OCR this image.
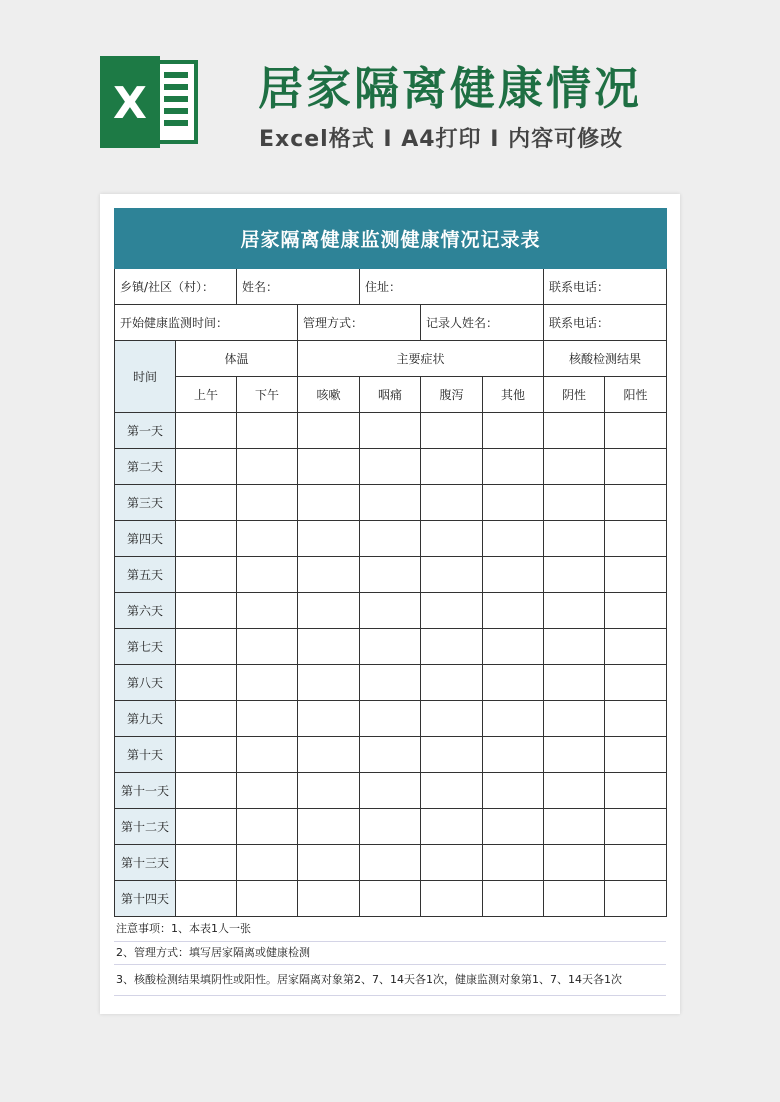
X 居家隔离健康情况
Excel格式 I A4打印 I 内容可修改
居家隔离健康监测健康情况记录表								
乡镇/社区（村）：		姓名：		住址：			联系电话：	
开始健康监测时间：			管理方式：		记录人姓名：		联系电话：	
时间	体温		主要症状				核酸检测结果	
	上午	下午	咳嗽	咽痛	腹泻	其他	阴性	阳性
第一天								
第二天								
第三天								
第四天								
第五天								
第六天								
第七天								
第八天								
第九天								
第十天								
第十一天								
第十二天								
第十三天								
第十四天								
注意事项：1、本表1人一张
2、管理方式：填写居家隔离或健康检测
3、核酸检测结果填阴性或阳性。居家隔离对象第2、7、14天各1次，健康监测对象第1、7、14天各1次
